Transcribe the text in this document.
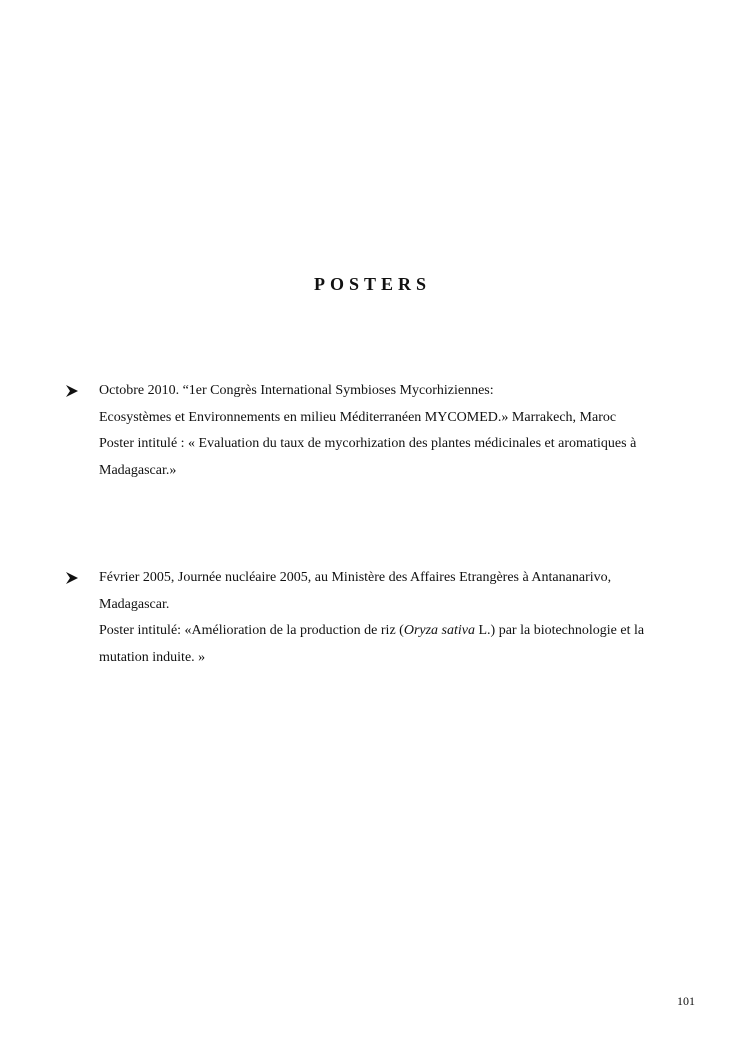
POSTERS
Octobre 2010. “1er Congrès International Symbioses Mycorhiziennes:
Ecosystèmes et Environnements en milieu Méditerranéen MYCOMED.» Marrakech, Maroc
Poster intitulé : « Evaluation du taux de mycorhization des plantes médicinales et aromatiques à
Madagascar.»
Février 2005, Journée nucléaire 2005, au Ministère des Affaires Etrangères à Antananarivo,
Madagascar.
Poster intitulé: «Amélioration de la production de riz (Oryza sativa L.) par la biotechnologie et la
mutation induite. »
101
